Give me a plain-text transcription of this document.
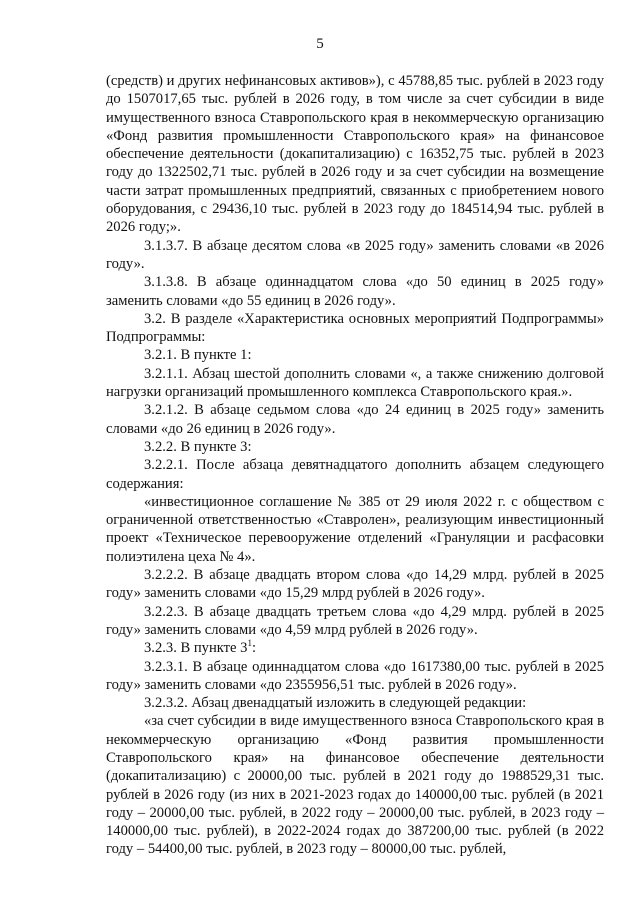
5

(средств) и других нефинансовых активов»), с 45788,85 тыс. рублей в 2023 году до 1507017,65 тыс. рублей в 2026 году, в том числе за счет субсидии в виде имущественного взноса Ставропольского края в некоммерческую организацию «Фонд развития промышленности Ставропольского края» на финансовое обеспечение деятельности (докапитализацию) с 16352,75 тыс. рублей в 2023 году до 1322502,71 тыс. рублей в 2026 году и за счет субсидии на возмещение части затрат промышленных предприятий, связанных с приобретением нового оборудования, с 29436,10 тыс. рублей в 2023 году до 184514,94 тыс. рублей в 2026 году;».

3.1.3.7. В абзаце десятом слова «в 2025 году» заменить словами «в 2026 году».

3.1.3.8. В абзаце одиннадцатом слова «до 50 единиц в 2025 году» заменить словами «до 55 единиц в 2026 году».

3.2. В разделе «Характеристика основных мероприятий Подпрограммы» Подпрограммы:

3.2.1. В пункте 1:

3.2.1.1. Абзац шестой дополнить словами «, а также снижению долговой нагрузки организаций промышленного комплекса Ставропольского края.».

3.2.1.2. В абзаце седьмом слова «до 24 единиц в 2025 году» заменить словами «до 26 единиц в 2026 году».

3.2.2. В пункте 3:

3.2.2.1. После абзаца девятнадцатого дополнить абзацем следующего содержания:

«инвестиционное соглашение № 385 от 29 июля 2022 г. с обществом с ограниченной ответственностью «Ставролен», реализующим инвестиционный проект «Техническое перевооружение отделений «Грануляции и расфасовки полиэтилена цеха № 4».

3.2.2.2. В абзаце двадцать втором слова «до 14,29 млрд. рублей в 2025 году» заменить словами «до 15,29 млрд рублей в 2026 году».

3.2.2.3. В абзаце двадцать третьем слова «до 4,29 млрд. рублей в 2025 году» заменить словами «до 4,59 млрд рублей в 2026 году».

3.2.3. В пункте $3^1$:

3.2.3.1. В абзаце одиннадцатом слова «до 1617380,00 тыс. рублей в 2025 году» заменить словами «до 2355956,51 тыс. рублей в 2026 году».

3.2.3.2. Абзац двенадцатый изложить в следующей редакции:

«за счет субсидии в виде имущественного взноса Ставропольского края в некоммерческую организацию «Фонд развития промышленности Ставропольского края» на финансовое обеспечение деятельности (докапитализацию) с 20000,00 тыс. рублей в 2021 году до 1988529,31 тыс. рублей в 2026 году (из них в 2021-2023 годах до 140000,00 тыс. рублей (в 2021 году – 20000,00 тыс. рублей, в 2022 году – 20000,00 тыс. рублей, в 2023 году – 140000,00 тыс. рублей), в 2022-2024 годах до 387200,00 тыс. рублей (в 2022 году – 54400,00 тыс. рублей, в 2023 году – 80000,00 тыс. рублей,
